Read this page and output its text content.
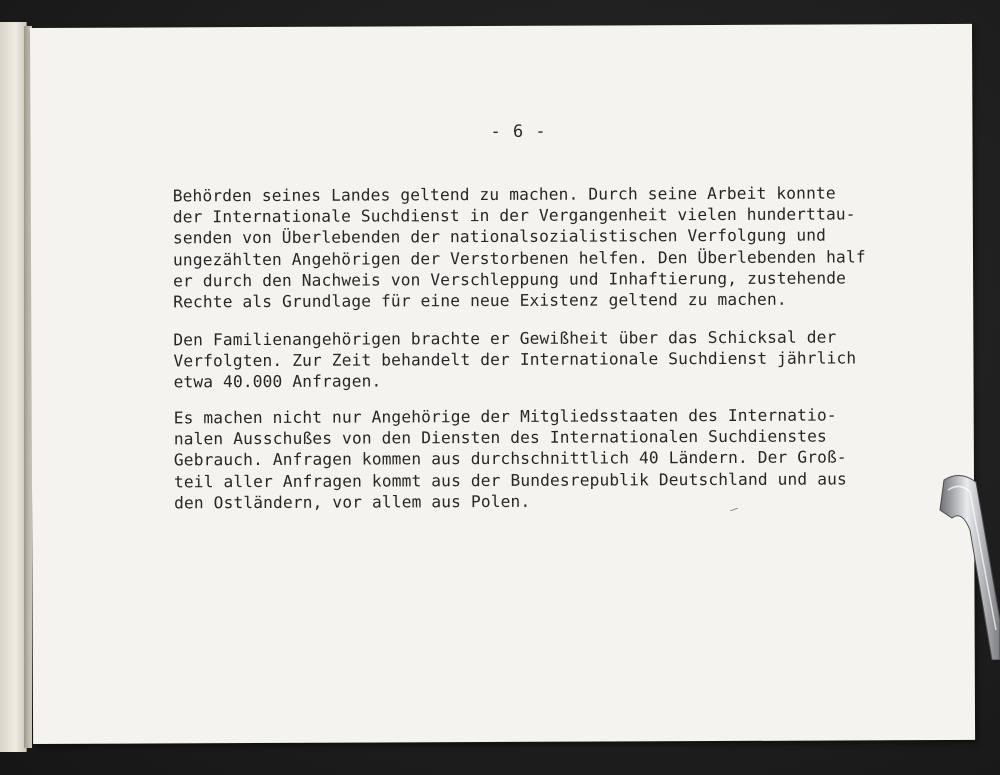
- 6 -
Behörden seines Landes geltend zu machen. Durch seine Arbeit konnte
der Internationale Suchdienst in der Vergangenheit vielen hunderttau-
senden von Überlebenden der nationalsozialistischen Verfolgung und
ungezählten Angehörigen der Verstorbenen helfen. Den Überlebenden half
er durch den Nachweis von Verschleppung und Inhaftierung, zustehende
Rechte als Grundlage für eine neue Existenz geltend zu machen.
Den Familienangehörigen brachte er Gewißheit über das Schicksal der
Verfolgten. Zur Zeit behandelt der Internationale Suchdienst jährlich
etwa 40.000 Anfragen.
Es machen nicht nur Angehörige der Mitgliedsstaaten des Internatio-
nalen Ausschußes von den Diensten des Internationalen Suchdienstes
Gebrauch. Anfragen kommen aus durchschnittlich 40 Ländern. Der Groß-
teil aller Anfragen kommt aus der Bundesrepublik Deutschland und aus
den Ostländern, vor allem aus Polen.
